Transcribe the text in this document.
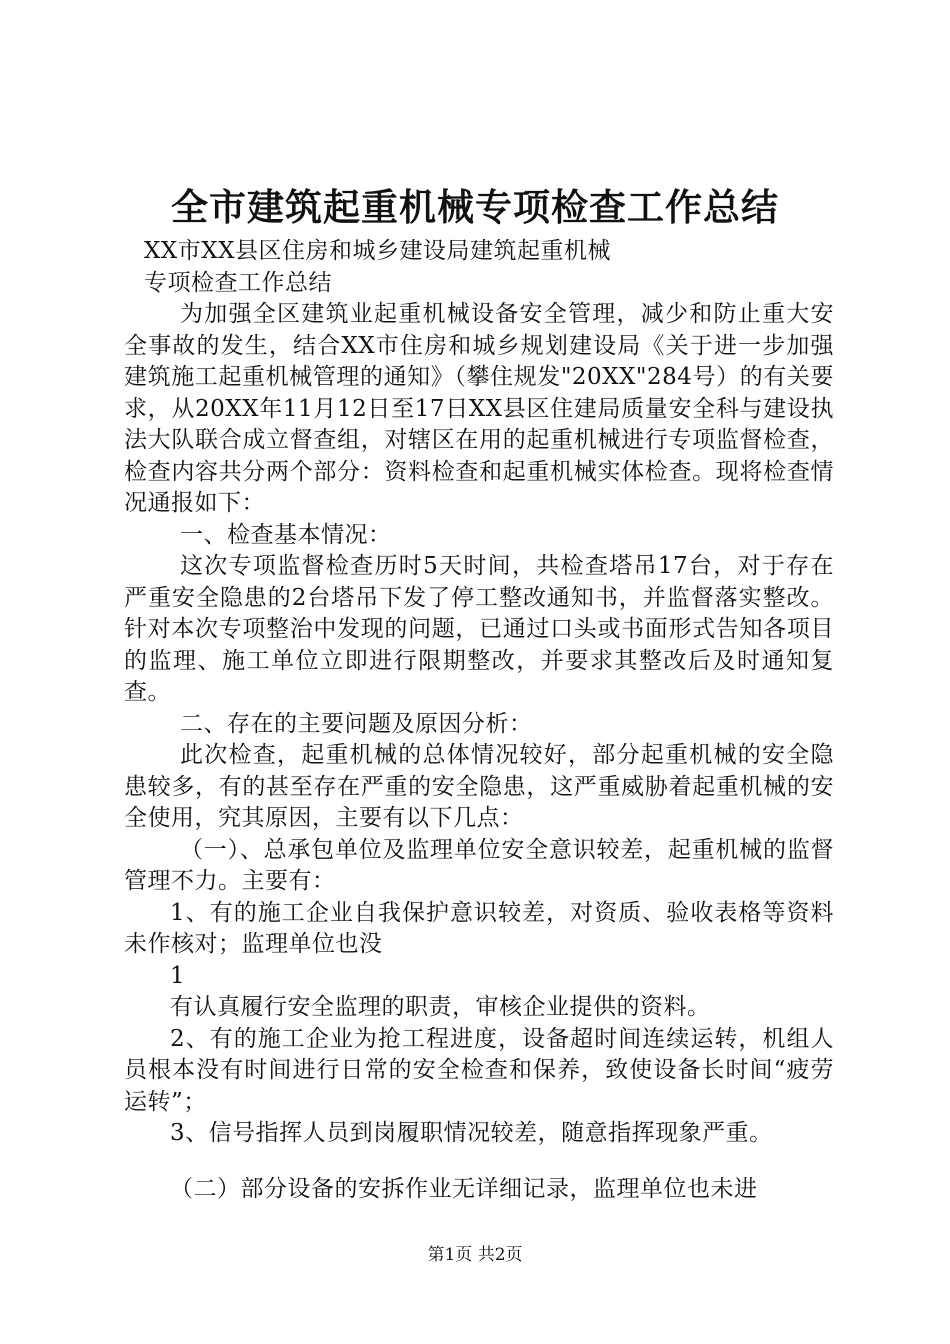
全市建筑起重机械专项检查工作总结

XX市XX县区住房和城乡建设局建筑起重机械

专项检查工作总结

为加强全区建筑业起重机械设备安全管理，减少和防止重大安全事故的发生，结合XX市住房和城乡规划建设局《关于进一步加强建筑施工起重机械管理的通知》（攀住规发"20XX"284号）的有关要求，从20XX年11月12日至17日XX县区住建局质量安全科与建设执法大队联合成立督查组，对辖区在用的起重机械进行专项监督检查，检查内容共分两个部分：资料检查和起重机械实体检查。现将检查情况通报如下：

一、检查基本情况：

这次专项监督检查历时5天时间，共检查塔吊17台，对于存在严重安全隐患的2台塔吊下发了停工整改通知书，并监督落实整改。针对本次专项整治中发现的问题，已通过口头或书面形式告知各项目的监理、施工单位立即进行限期整改，并要求其整改后及时通知复查。

二、存在的主要问题及原因分析：

此次检查，起重机械的总体情况较好，部分起重机械的安全隐患较多，有的甚至存在严重的安全隐患，这严重威胁着起重机械的安全使用，究其原因，主要有以下几点：

（一）、总承包单位及监理单位安全意识较差，起重机械的监督管理不力。主要有：

1、有的施工企业自我保护意识较差，对资质、验收表格等资料未作核对；监理单位也没

1

有认真履行安全监理的职责，审核企业提供的资料。

2、有的施工企业为抢工程进度，设备超时间连续运转，机组人员根本没有时间进行日常的安全检查和保养，致使设备长时间“疲劳运转”；

3、信号指挥人员到岗履职情况较差，随意指挥现象严重。

（二）部分设备的安拆作业无详细记录，监理单位也未进

第1页 共2页
